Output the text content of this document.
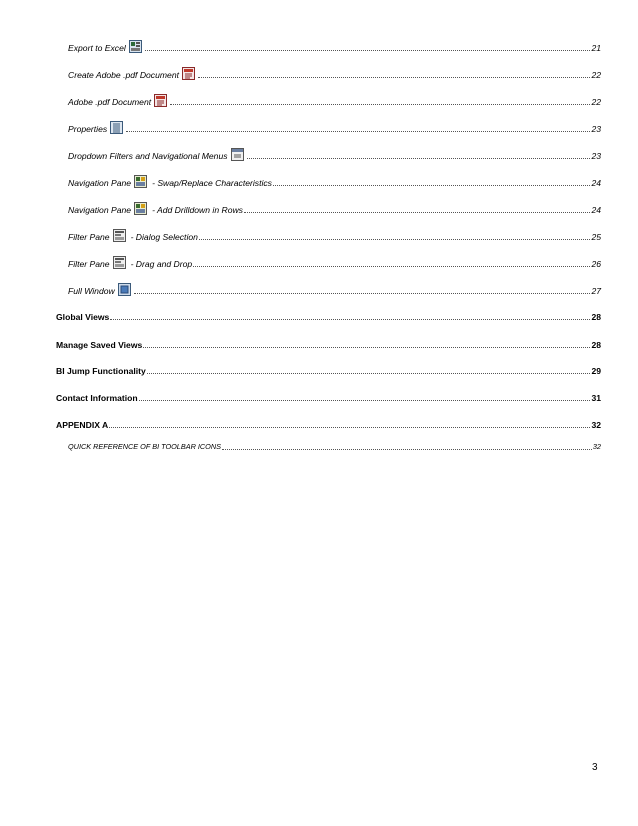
Export to Excel	21
Create Adobe .pdf Document	22
Adobe .pdf Document	22
Properties	23
Dropdown Filters and Navigational Menus	23
Navigation Pane - Swap/Replace Characteristics	24
Navigation Pane - Add Drilldown in Rows	24
Filter Pane - Dialog Selection	25
Filter Pane - Drag and Drop	26
Full Window	27
Global Views	28
Manage Saved Views	28
BI Jump Functionality	29
Contact Information	31
APPENDIX A	32
QUICK REFERENCE OF BI TOOLBAR ICONS	32
3
